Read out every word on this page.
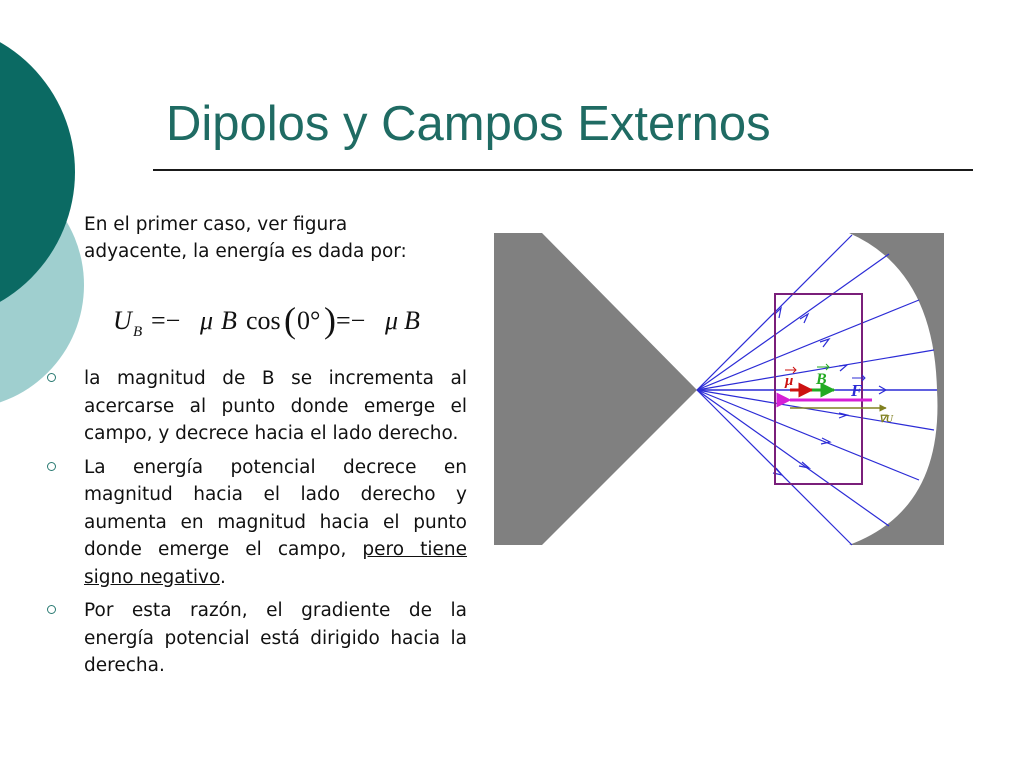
Dipolos y Campos Externos
En el primer caso, ver figura adyacente, la energía es dada por:
U B =− μ B cos ( 0° ) =− μ B
la magnitud de B se incrementa al acercarse al punto donde emerge el campo, y decrece hacia el lado derecho.
La energía potencial decrece en magnitud hacia el lado derecho y aumenta en magnitud hacia el punto donde emerge el campo, pero tiene signo negativo.
Por esta razón, el gradiente de la energía potencial está dirigido hacia la derecha.
μ B
F
∇U
